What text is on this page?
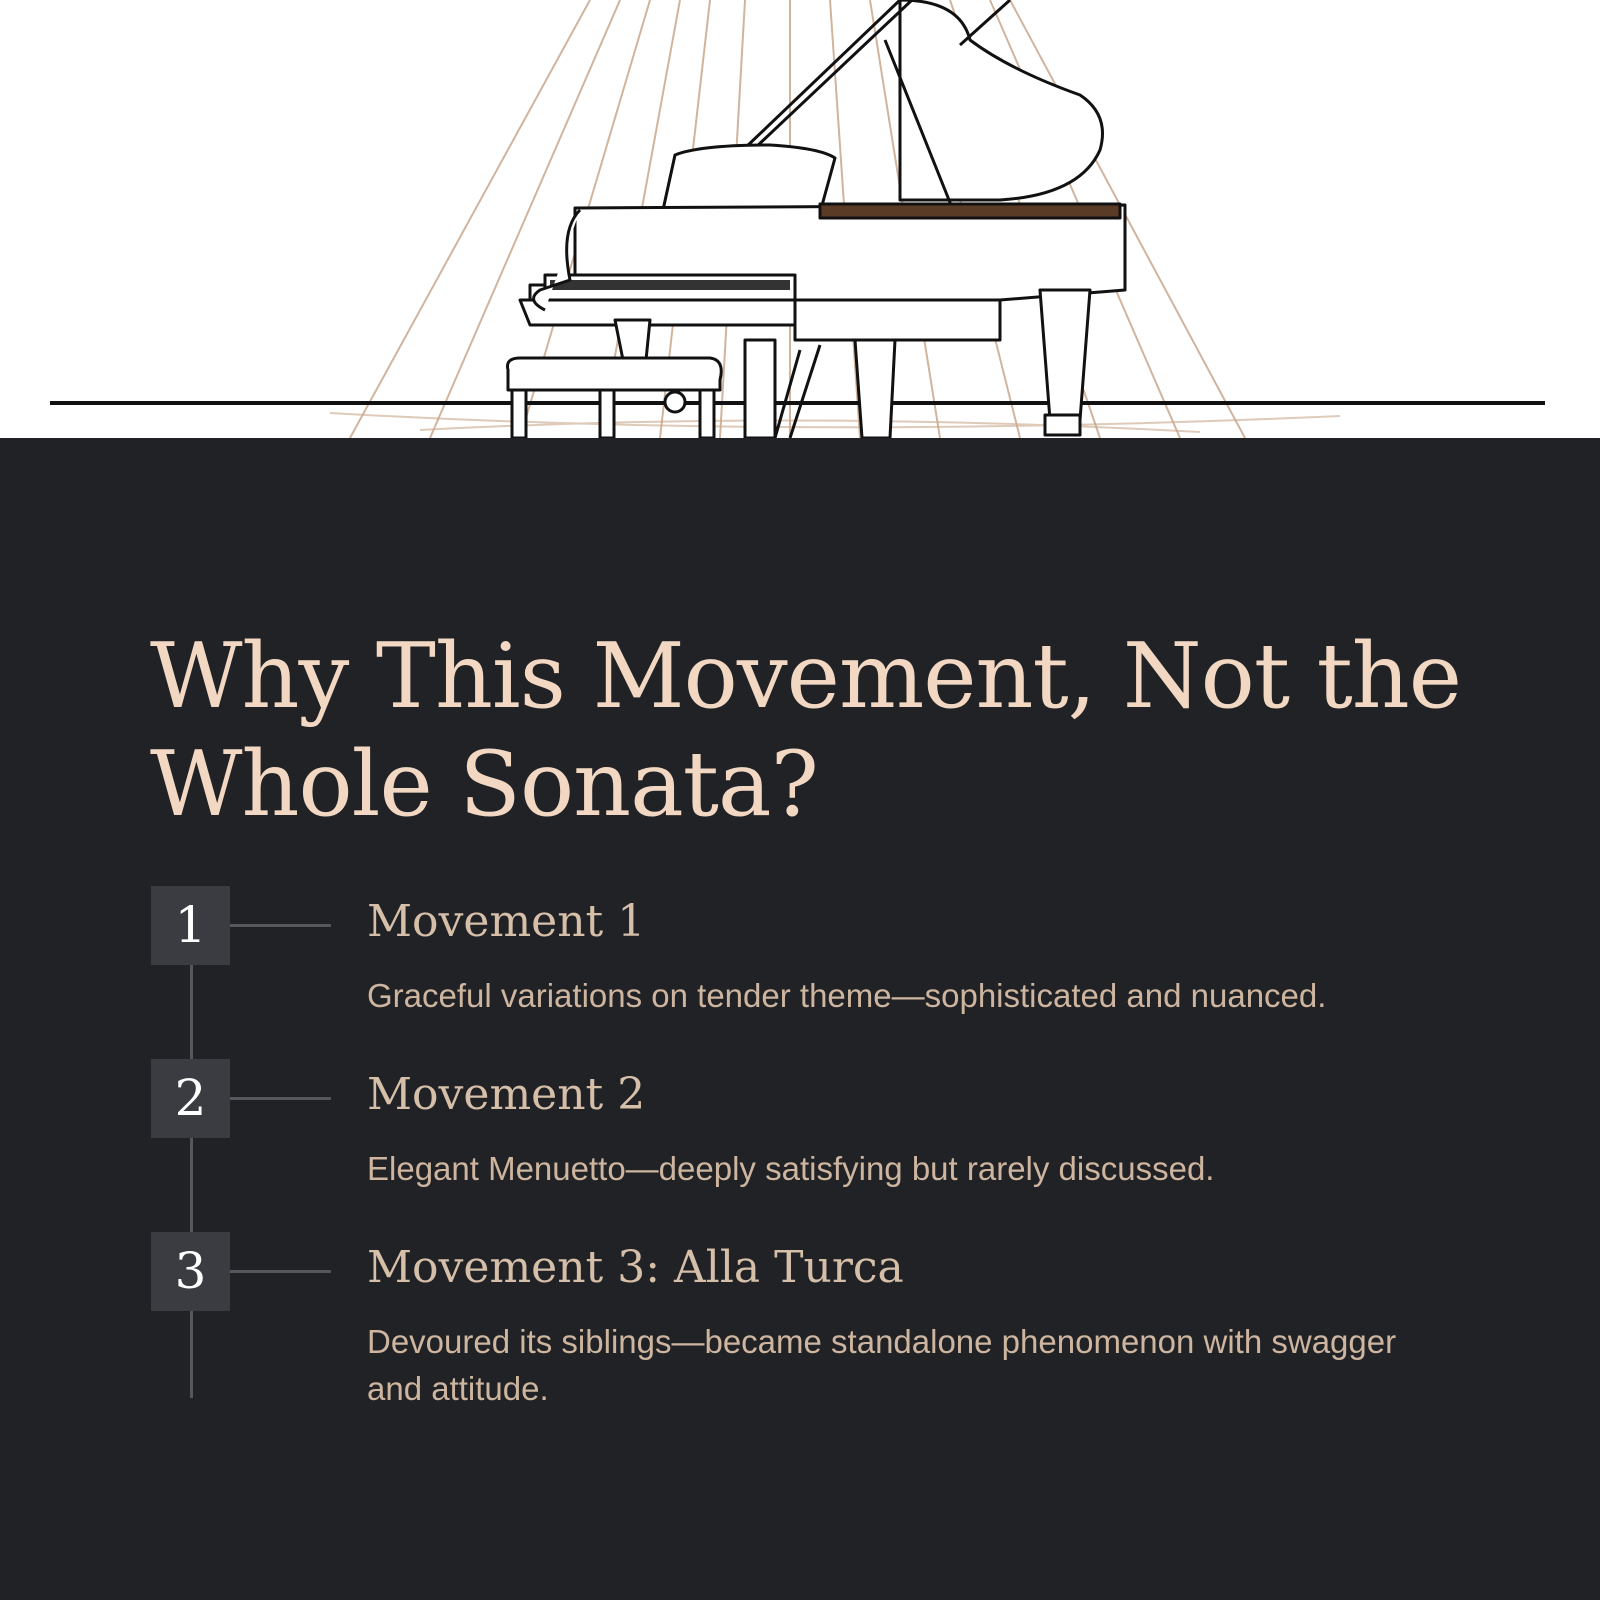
Why This Movement, Not the Whole Sonata?
1	Movement 1

Graceful variations on tender theme—sophisticated and nuanced.

2	Movement 2

Elegant Menuetto—deeply satisfying but rarely discussed.

3	Movement 3: Alla Turca

Devoured its siblings—became standalone phenomenon with swagger and attitude.
